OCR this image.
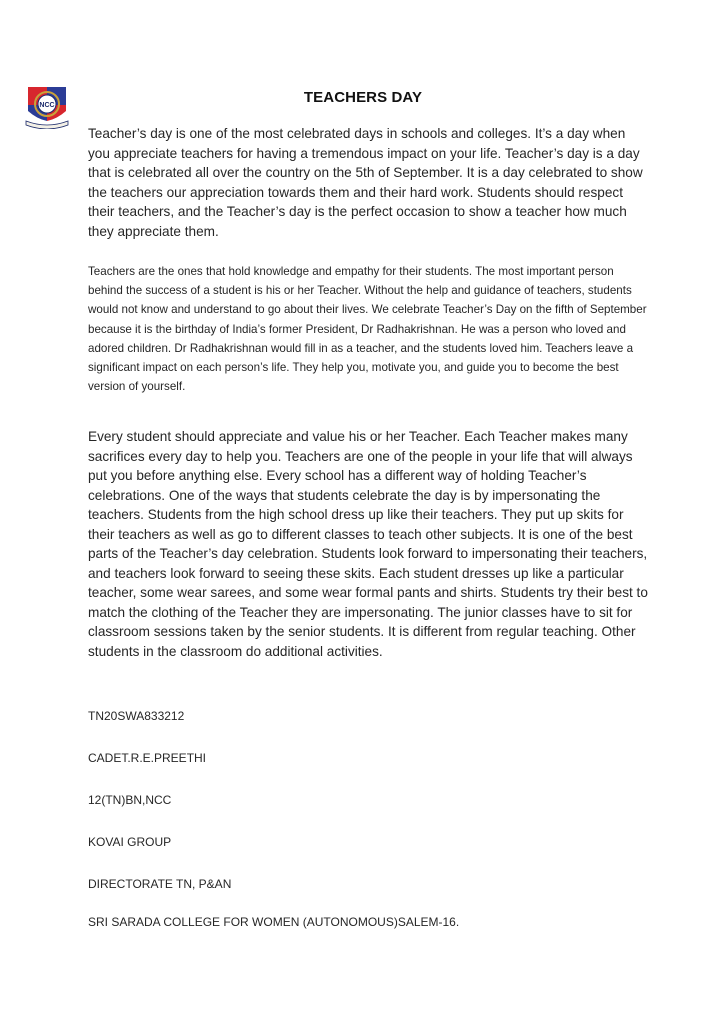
NCC	TEACHERS DAY

Teacher’s day is one of the most celebrated days in schools and colleges. It’s a day when you appreciate teachers for having a tremendous impact on your life. Teacher’s day is a day that is celebrated all over the country on the 5th of September. It is a day celebrated to show the teachers our appreciation towards them and their hard work. Students should respect their teachers, and the Teacher’s day is the perfect occasion to show a teacher how much they appreciate them.

Teachers are the ones that hold knowledge and empathy for their students. The most important person behind the success of a student is his or her Teacher. Without the help and guidance of teachers, students would not know and understand to go about their lives. We celebrate Teacher’s Day on the fifth of September because it is the birthday of India’s former President, Dr Radhakrishnan. He was a person who loved and adored children. Dr Radhakrishnan would fill in as a teacher, and the students loved him. Teachers leave a significant impact on each person’s life. They help you, motivate you, and guide you to become the best version of yourself.

Every student should appreciate and value his or her Teacher. Each Teacher makes many sacrifices every day to help you. Teachers are one of the people in your life that will always put you before anything else. Every school has a different way of holding Teacher’s celebrations. One of the ways that students celebrate the day is by impersonating the teachers. Students from the high school dress up like their teachers. They put up skits for their teachers as well as go to different classes to teach other subjects. It is one of the best parts of the Teacher’s day celebration. Students look forward to impersonating their teachers, and teachers look forward to seeing these skits. Each student dresses up like a particular teacher, some wear sarees, and some wear formal pants and shirts. Students try their best to match the clothing of the Teacher they are impersonating. The junior classes have to sit for classroom sessions taken by the senior students. It is different from regular teaching. Other students in the classroom do additional activities.

TN20SWA833212
CADET.R.E.PREETHI
12(TN)BN,NCC
KOVAI GROUP
DIRECTORATE TN, P&AN
SRI SARADA COLLEGE FOR WOMEN (AUTONOMOUS)SALEM-16.
